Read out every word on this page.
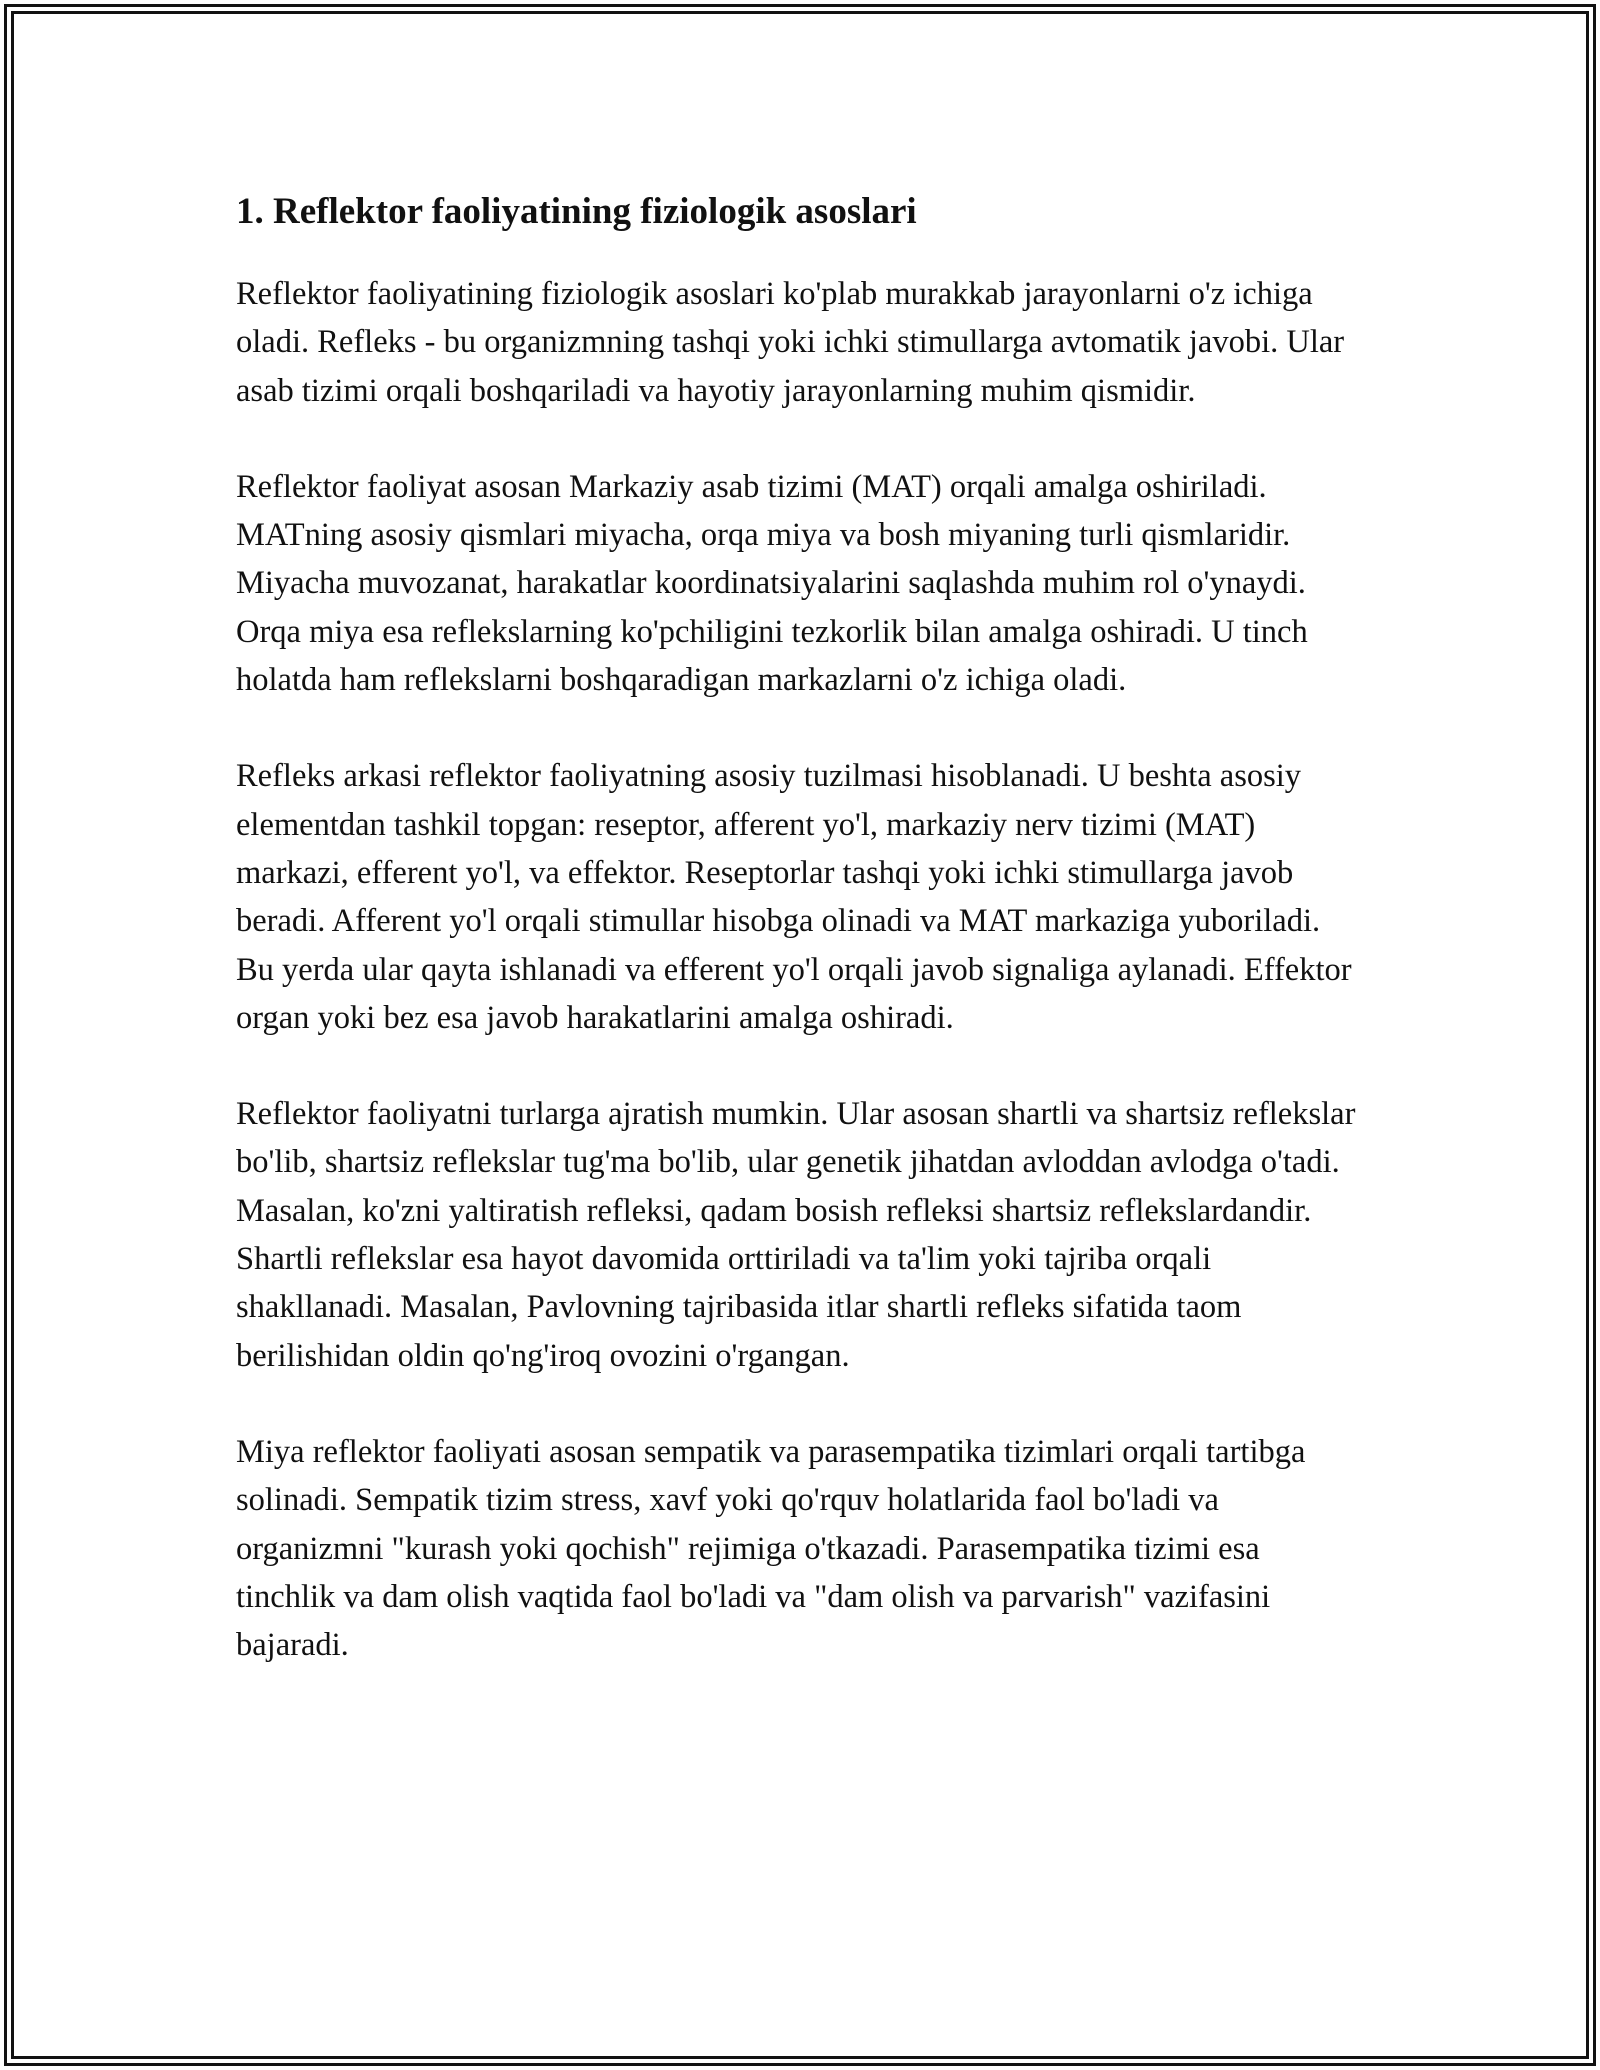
1. Reflektor faoliyatining fiziologik asoslari

Reflektor faoliyatining fiziologik asoslari ko'plab murakkab jarayonlarni o'z ichiga oladi. Refleks - bu organizmning tashqi yoki ichki stimullarga avtomatik javobi. Ular asab tizimi orqali boshqariladi va hayotiy jarayonlarning muhim qismidir.

Reflektor faoliyat asosan Markaziy asab tizimi (MAT) orqali amalga oshiriladi. MATning asosiy qismlari miyacha, orqa miya va bosh miyaning turli qismlaridir. Miyacha muvozanat, harakatlar koordinatsiyalarini saqlashda muhim rol o'ynaydi. Orqa miya esa reflekslarning ko'pchiligini tezkorlik bilan amalga oshiradi. U tinch holatda ham reflekslarni boshqaradigan markazlarni o'z ichiga oladi.

Refleks arkasi reflektor faoliyatning asosiy tuzilmasi hisoblanadi. U beshta asosiy elementdan tashkil topgan: reseptor, afferent yo'l, markaziy nerv tizimi (MAT) markazi, efferent yo'l, va effektor. Reseptorlar tashqi yoki ichki stimullarga javob beradi. Afferent yo'l orqali stimullar hisobga olinadi va MAT markaziga yuboriladi. Bu yerda ular qayta ishlanadi va efferent yo'l orqali javob signaliga aylanadi. Effektor organ yoki bez esa javob harakatlarini amalga oshiradi.

Reflektor faoliyatni turlarga ajratish mumkin. Ular asosan shartli va shartsiz reflekslar bo'lib, shartsiz reflekslar tug'ma bo'lib, ular genetik jihatdan avloddan avlodga o'tadi. Masalan, ko'zni yaltiratish refleksi, qadam bosish refleksi shartsiz reflekslardandir. Shartli reflekslar esa hayot davomida orttiriladi va ta'lim yoki tajriba orqali shakllanadi. Masalan, Pavlovning tajribasida itlar shartli refleks sifatida taom berilishidan oldin qo'ng'iroq ovozini o'rgangan.

Miya reflektor faoliyati asosan sempatik va parasempatika tizimlari orqali tartibga solinadi. Sempatik tizim stress, xavf yoki qo'rquv holatlarida faol bo'ladi va organizmni "kurash yoki qochish" rejimiga o'tkazadi. Parasempatika tizimi esa tinchlik va dam olish vaqtida faol bo'ladi va "dam olish va parvarish" vazifasini bajaradi.
